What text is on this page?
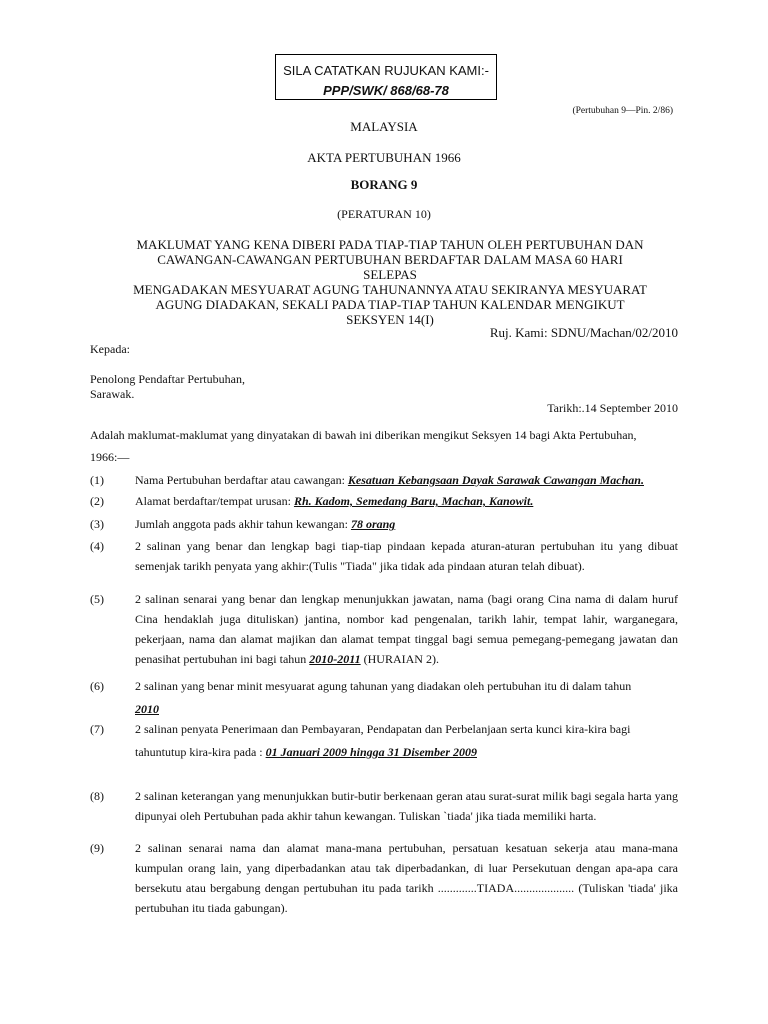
SILA CATATKAN RUJUKAN KAMI:-
PPP/SWK/ 868/68-78
(Pertubuhan 9—Pin. 2/86)
MALAYSIA
AKTA PERTUBUHAN 1966
BORANG 9
(PERATURAN 10)
MAKLUMAT YANG KENA DIBERI PADA TIAP-TIAP TAHUN OLEH PERTUBUHAN DAN
CAWANGAN-CAWANGAN PERTUBUHAN BERDAFTAR DALAM MASA 60 HARI SELEPAS
MENGADAKAN MESYUARAT AGUNG TAHUNANNYA ATAU SEKIRANYA MESYUARAT
AGUNG DIADAKAN, SEKALI PADA TIAP-TIAP TAHUN KALENDAR MENGIKUT
SEKSYEN 14(I)
Ruj. Kami: SDNU/Machan/02/2010
Kepada:
Penolong Pendaftar Pertubuhan,
Sarawak.
Tarikh:.14 September 2010
Adalah maklumat-maklumat yang dinyatakan di bawah ini diberikan mengikut Seksyen 14 bagi Akta Pertubuhan,
1966:—
(1)	Nama Pertubuhan berdaftar atau cawangan: Kesatuan Kebangsaan Dayak Sarawak Cawangan Machan.
(2)	Alamat berdaftar/tempat urusan: Rh. Kadom, Semedang Baru, Machan, Kanowit.
(3)	Jumlah anggota pads akhir tahun kewangan: 78 orang
(4)	2 salinan yang benar dan lengkap bagi tiap-tiap pindaan kepada aturan-aturan pertubuhan itu yang dibuat semenjak tarikh penyata yang akhir:(Tulis "Tiada" jika tidak ada pindaan aturan telah dibuat).
(5)	2 salinan senarai yang benar dan lengkap menunjukkan jawatan, nama (bagi orang Cina nama di dalam huruf Cina hendaklah juga dituliskan) jantina, nombor kad pengenalan, tarikh lahir, tempat lahir, warganegara, pekerjaan, nama dan alamat majikan dan alamat tempat tinggal bagi semua pemegang-pemegang jawatan dan penasihat pertubuhan ini bagi tahun 2010-2011 (HURAIAN 2).
(6)	2 salinan yang benar minit mesyuarat agung tahunan yang diadakan oleh pertubuhan itu di dalam tahun
2010
(7)	2 salinan penyata Penerimaan dan Pembayaran, Pendapatan dan Perbelanjaan serta kunci kira-kira bagi
tahuntutup kira-kira pada : 01 Januari 2009 hingga 31 Disember 2009
(8)	2 salinan keterangan yang menunjukkan butir-butir berkenaan geran atau surat-surat milik bagi segala harta yang dipunyai oleh Pertubuhan pada akhir tahun kewangan. Tuliskan `tiada' jika tiada memiliki harta.
(9)	2 salinan senarai nama dan alamat mana-mana pertubuhan, persatuan kesatuan sekerja atau mana-mana kumpulan orang lain, yang diperbadankan atau tak diperbadankan, di luar Persekutuan dengan apa-apa cara bersekutu atau bergabung dengan pertubuhan itu pada tarikh .............TIADA.................... (Tuliskan 'tiada' jika pertubuhan itu tiada gabungan).
